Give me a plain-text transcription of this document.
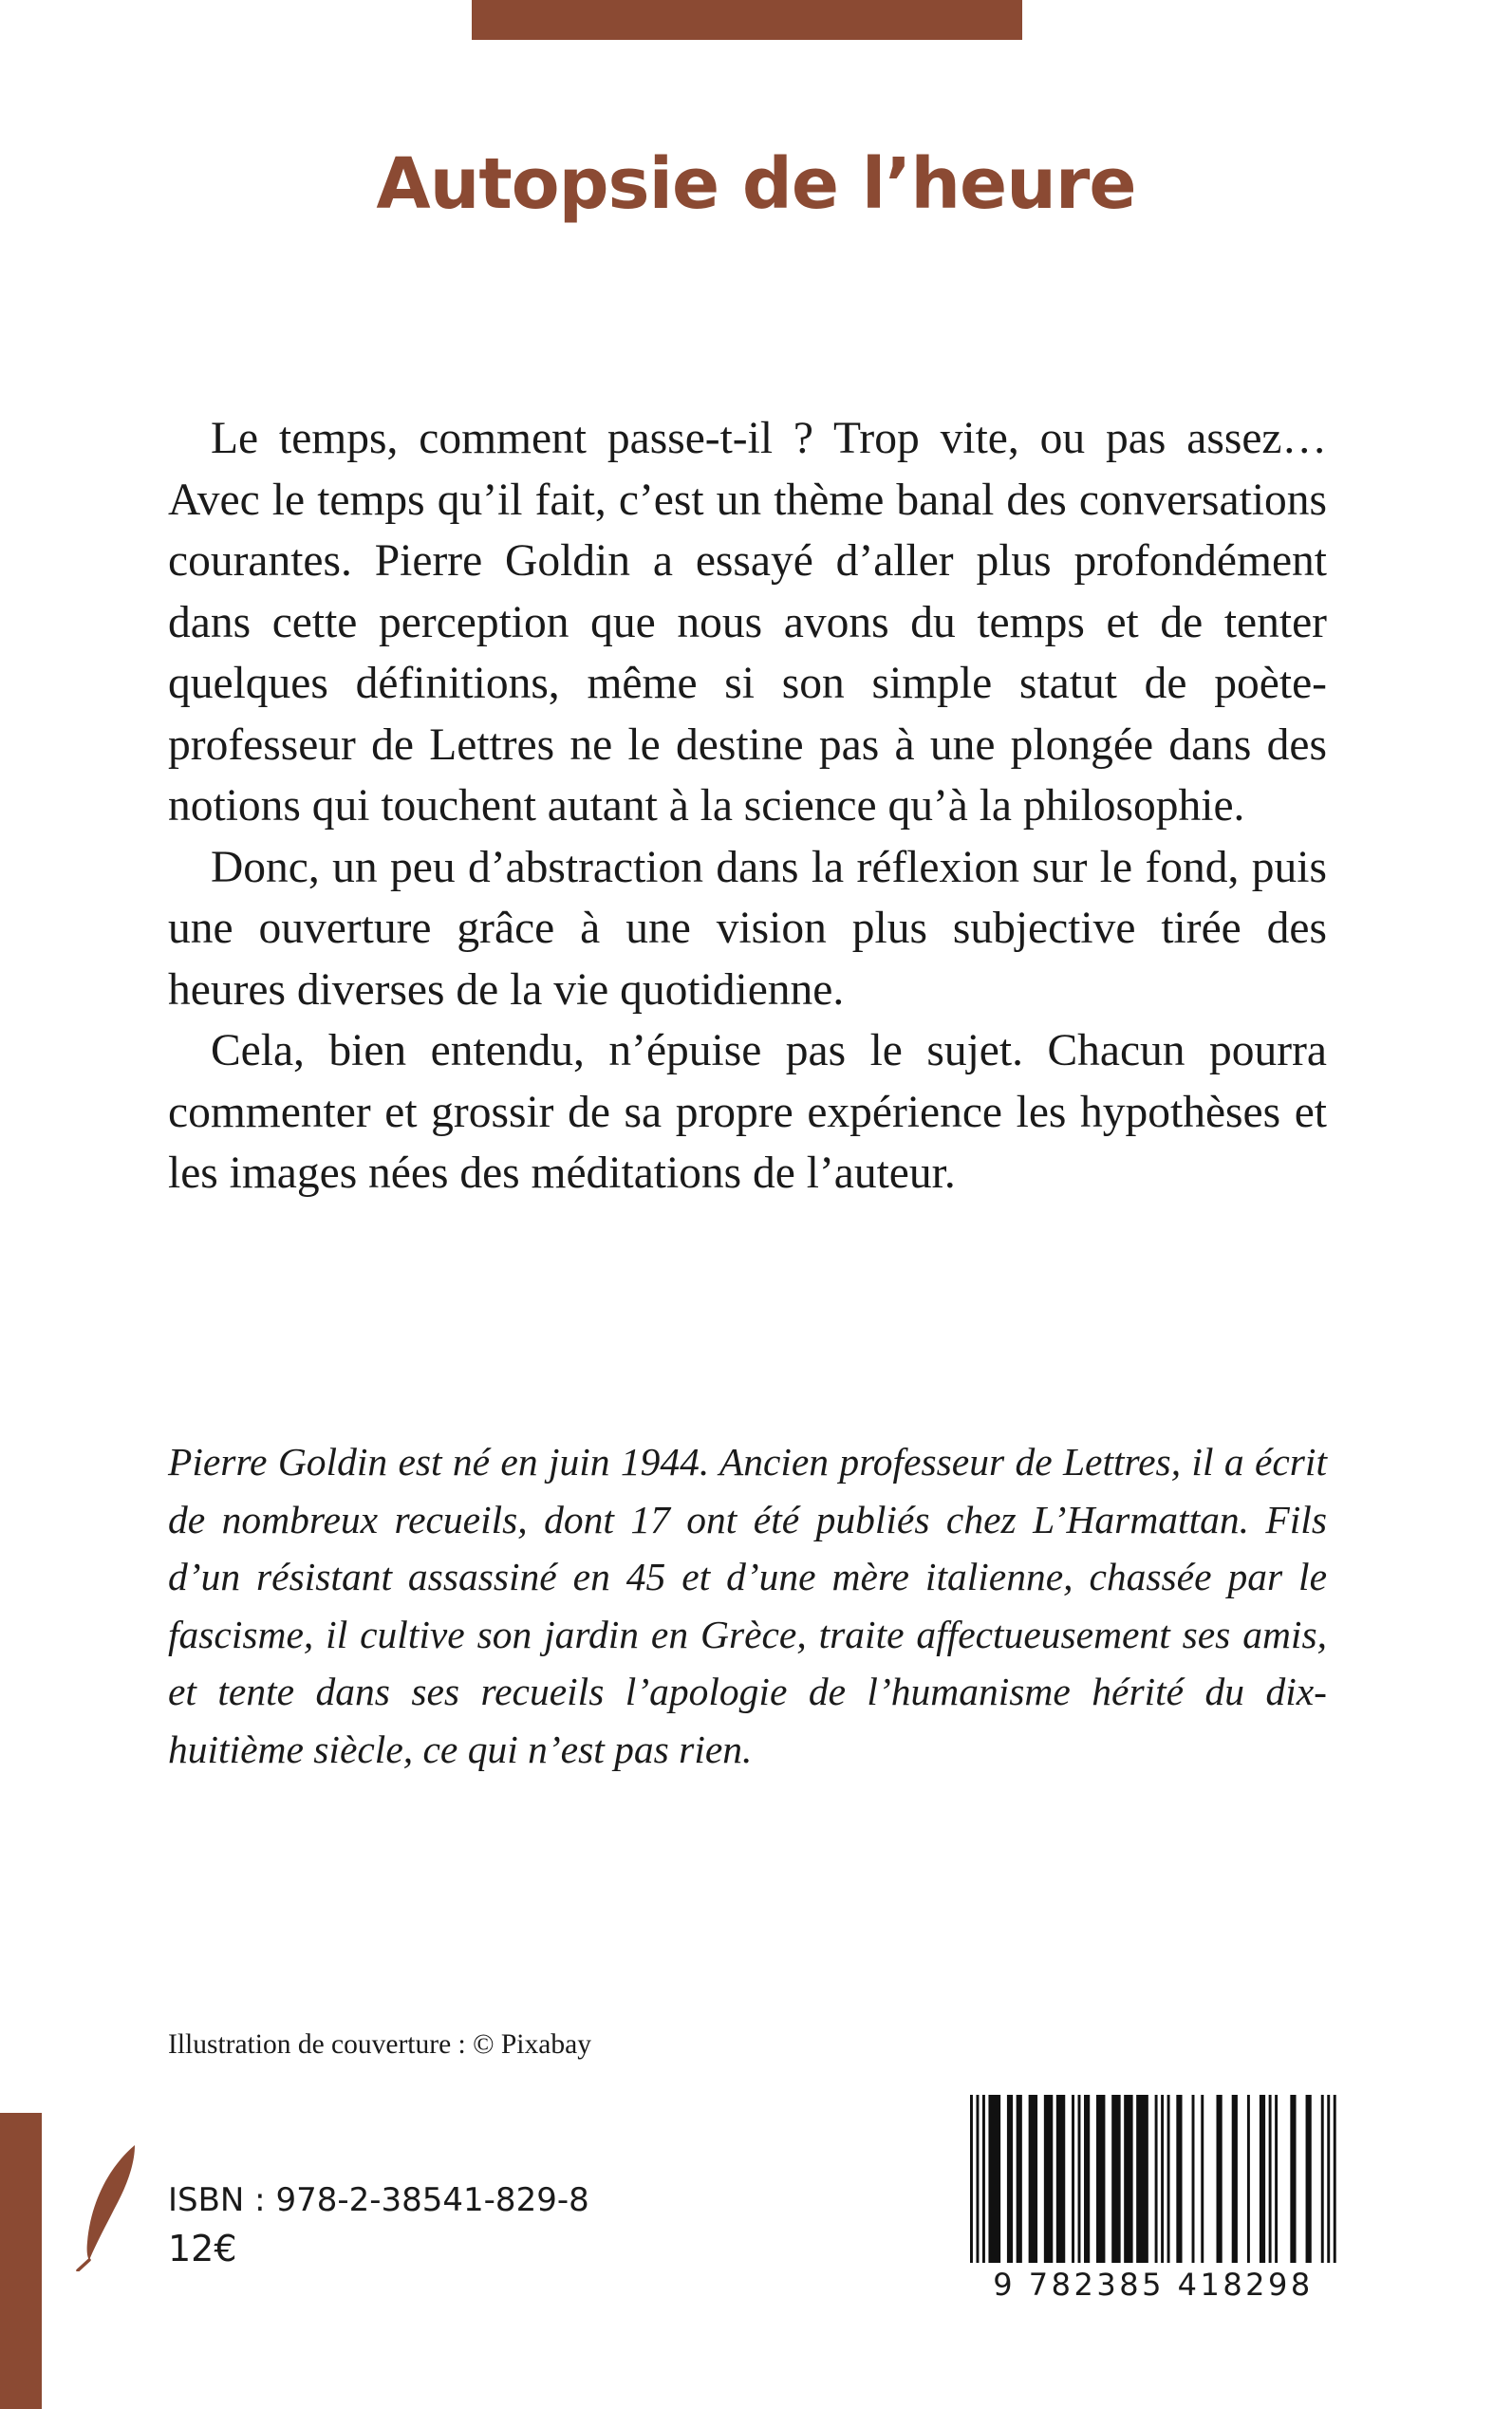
Autopsie de l’heure

Le temps, comment passe-t-il ? Trop vite, ou pas assez… Avec le temps qu’il fait, c’est un thème banal des conversations courantes. Pierre Goldin a essayé d’aller plus profondément dans cette perception que nous avons du temps et de tenter quelques définitions, même si son simple statut de poète-professeur de Lettres ne le destine pas à une plongée dans des notions qui touchent autant à la science qu’à la philosophie.

Donc, un peu d’abstraction dans la réflexion sur le fond, puis une ouverture grâce à une vision plus subjective tirée des heures diverses de la vie quotidienne.

Cela, bien entendu, n’épuise pas le sujet. Chacun pourra commenter et grossir de sa propre expérience les hypothèses et les images nées des méditations de l’auteur.

Pierre Goldin est né en juin 1944. Ancien professeur de Lettres, il a écrit de nombreux recueils, dont 17 ont été publiés chez L’Harmattan. Fils d’un résistant assassiné en 45 et d’une mère italienne, chassée par le fascisme, il cultive son jardin en Grèce, traite affectueusement ses amis, et tente dans ses recueils l’apologie de l’humanisme hérité du dix-huitième siècle, ce qui n’est pas rien.

Illustration de couverture : © Pixabay
ISBN : 978-2-38541-829-8
12€
9 782385 418298
